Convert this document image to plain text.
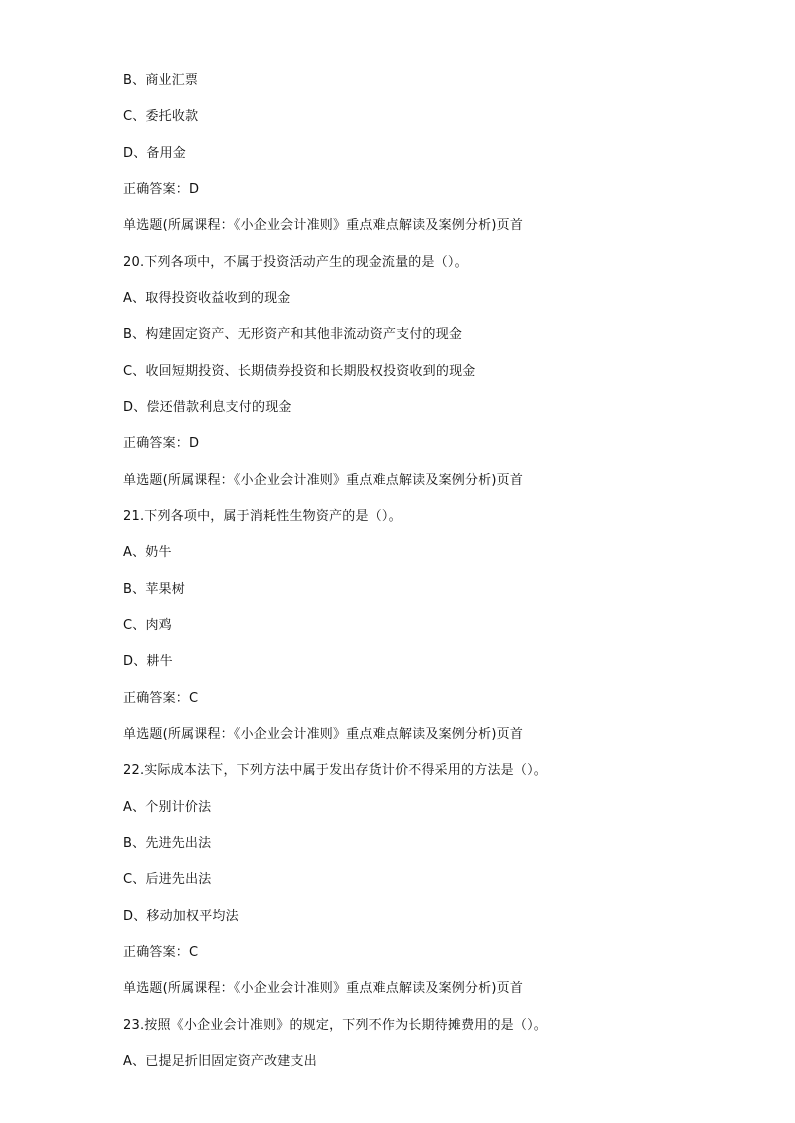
B、商业汇票
C、委托收款
D、备用金
正确答案：D
单选题(所属课程：《小企业会计准则》重点难点解读及案例分析)页首
20.下列各项中，不属于投资活动产生的现金流量的是（）。
A、取得投资收益收到的现金
B、构建固定资产、无形资产和其他非流动资产支付的现金
C、收回短期投资、长期债券投资和长期股权投资收到的现金
D、偿还借款利息支付的现金
正确答案：D
单选题(所属课程：《小企业会计准则》重点难点解读及案例分析)页首
21.下列各项中，属于消耗性生物资产的是（）。
A、奶牛
B、苹果树
C、肉鸡
D、耕牛
正确答案：C
单选题(所属课程：《小企业会计准则》重点难点解读及案例分析)页首
22.实际成本法下，下列方法中属于发出存货计价不得采用的方法是（）。
A、个别计价法
B、先进先出法
C、后进先出法
D、移动加权平均法
正确答案：C
单选题(所属课程：《小企业会计准则》重点难点解读及案例分析)页首
23.按照《小企业会计准则》的规定，下列不作为长期待摊费用的是（）。
A、已提足折旧固定资产改建支出
